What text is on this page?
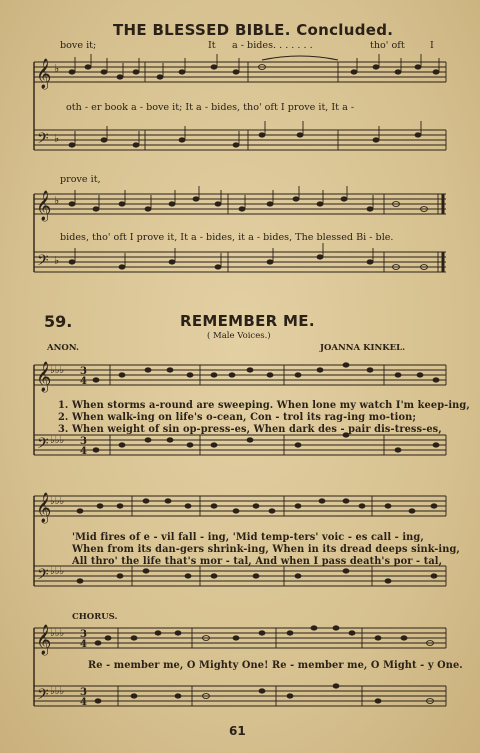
THE BLESSED BIBLE. Concluded.
bove it;	It a - bides. . . . . . .	tho' oft	I
𝄞
𝄢
♭
♭
oth - er book a - bove it; It a - bides, tho' oft I prove it, It a -
prove it,
𝄞
𝄢
♭
♭
bides, tho' oft I prove it, It a - bides, it a - bides, The blessed Bi - ble.
59.	REMEMBER ME.
( Male Voices.)
ANON.	JOANNA KINKEL.
𝄞
𝄢
♭♭♭
♭♭♭
3
4
3
4
1. When storms a-round are sweeping. When lone my watch I'm keep-ing,
2. When walk-ing on life's o-cean, Con - trol its rag-ing mo-tion;
3. When weight of sin op-press-es, When dark des - pair dis-tress-es,
𝄞
𝄢
♭♭♭
♭♭♭
'Mid fires of e - vil fall - ing, 'Mid temp-ters' voic - es call - ing,
When from its dan-gers shrink-ing, When in its dread deeps sink-ing,
All thro' the life that's mor - tal, And when I pass death's por - tal,
CHORUS.
𝄞
𝄢
♭♭♭
♭♭♭
3
4
3
4
Re - member me, O Mighty One! Re - member me, O Might - y One.
61
